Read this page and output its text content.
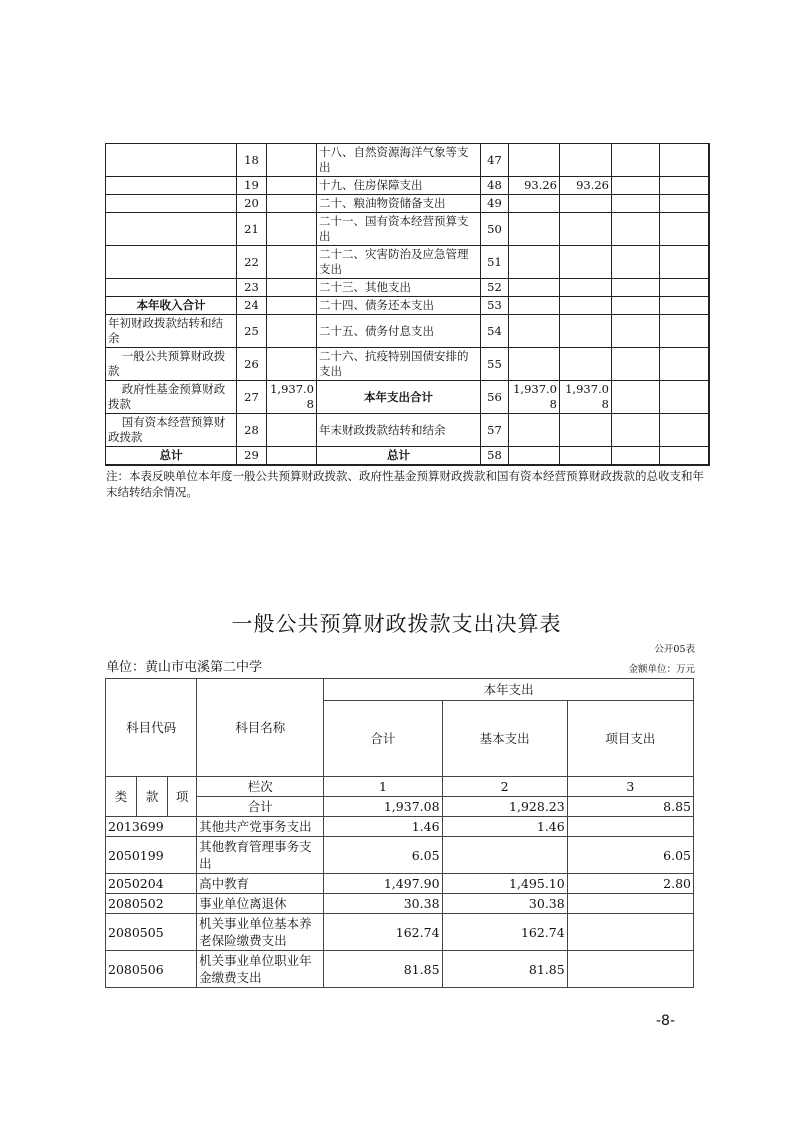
	18		十八、自然资源海洋气象等支出	47				
	19		十九、住房保障支出	48	93.26	93.26		
	20		二十、粮油物资储备支出	49				
	21		二十一、国有资本经营预算支出	50				
	22		二十二、灾害防治及应急管理支出	51				
	23		二十三、其他支出	52				
本年收入合计	24		二十四、债务还本支出	53				
年初财政拨款结转和结余	25		二十五、债务付息支出	54				
一般公共预算财政拨款	26		二十六、抗疫特别国债安排的支出	55				
政府性基金预算财政拨款	27	1,937.08	本年支出合计	56	1,937.08	1,937.08		
国有资本经营预算财政拨款	28		年末财政拨款结转和结余	57				
总计	29		总计	58				
注：本表反映单位本年度一般公共预算财政拨款、政府性基金预算财政拨款和国有资本经营预算财政拨款的总收支和年末结转结余情况。
一般公共预算财政拨款支出决算表
公开05表
单位：黄山市屯溪第二中学	金额单位：万元
科目代码			科目名称	本年支出		
				合计	基本支出	项目支出
类	款	项	栏次	1	2	3
			合计	1,937.08	1,928.23	8.85
2013699			其他共产党事务支出	1.46	1.46	
2050199			其他教育管理事务支出	6.05		6.05
2050204			高中教育	1,497.90	1,495.10	2.80
2080502			事业单位离退休	30.38	30.38	
2080505			机关事业单位基本养老保险缴费支出	162.74	162.74	
2080506			机关事业单位职业年金缴费支出	81.85	81.85	
-8-
